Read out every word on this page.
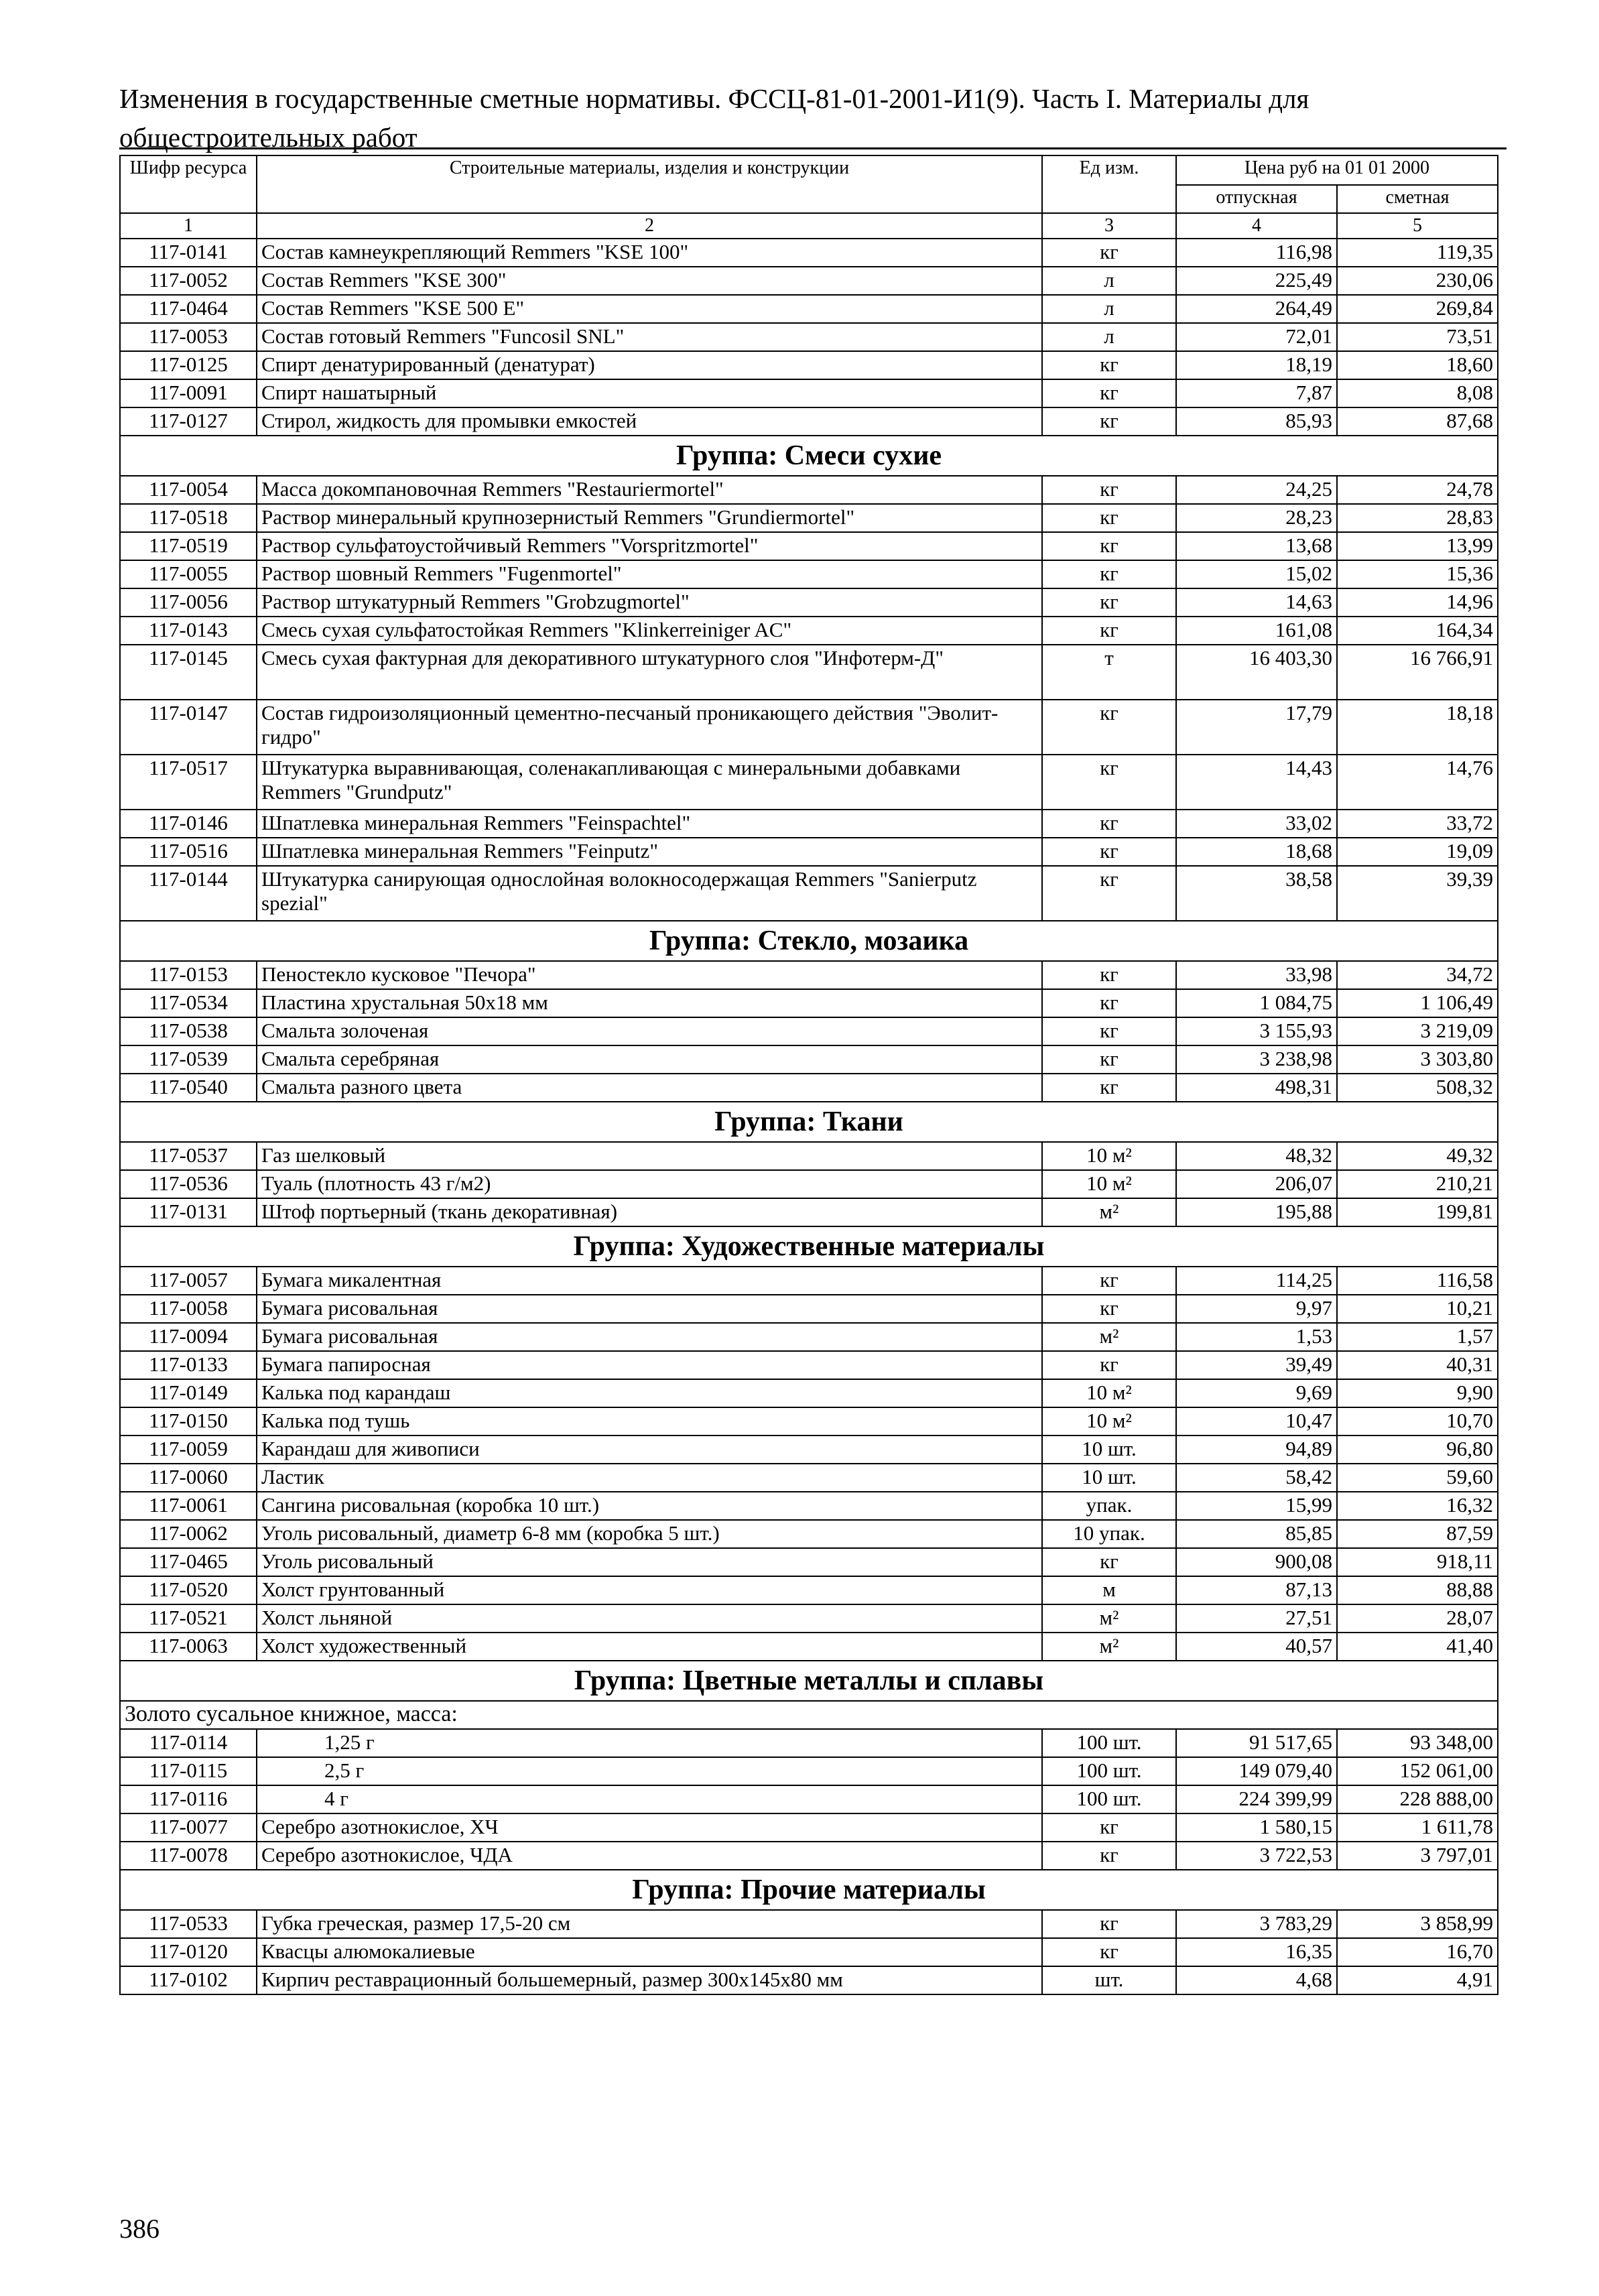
Изменения в государственные сметные нормативы. ФССЦ-81-01-2001-И1(9). Часть I. Материалы для общестроительных работ
Шифр ресурса	Строительные материалы, изделия и конструкции	Ед изм.	Цена руб на 01 01 2000	
			отпускная	сметная
1	2	3	4	5
117-0141	Состав камнеукрепляющий Remmers "KSE 100"	кг	116,98	119,35
117-0052	Состав Remmers "KSE 300"	л	225,49	230,06
117-0464	Состав Remmers "KSE 500 E"	л	264,49	269,84
117-0053	Состав готовый Remmers "Funcosil SNL"	л	72,01	73,51
117-0125	Спирт денатурированный (денатурат)	кг	18,19	18,60
117-0091	Спирт нашатырный	кг	7,87	8,08
117-0127	Стирол, жидкость для промывки емкостей	кг	85,93	87,68
Группа: Смеси сухие				
117-0054	Масса докомпановочная Remmers "Restauriermortel"	кг	24,25	24,78
117-0518	Раствор минеральный крупнозернистый Remmers "Grundiermortel"	кг	28,23	28,83
117-0519	Раствор сульфатоустойчивый Remmers "Vorspritzmortel"	кг	13,68	13,99
117-0055	Раствор шовный Remmers "Fugenmortel"	кг	15,02	15,36
117-0056	Раствор штукатурный Remmers "Grobzugmortel"	кг	14,63	14,96
117-0143	Смесь сухая сульфатостойкая Remmers "Klinkerreiniger AC"	кг	161,08	164,34
117-0145	Смесь сухая фактурная для декоративного штукатурного слоя "Инфотерм-Д"	т	16 403,30	16 766,91
117-0147	Состав гидроизоляционный цементно-песчаный проникающего действия "Эволит-гидро"	кг	17,79	18,18
117-0517	Штукатурка выравнивающая, соленакапливающая с минеральными добавками Remmers "Grundputz"	кг	14,43	14,76
117-0146	Шпатлевка минеральная Remmers "Feinspachtel"	кг	33,02	33,72
117-0516	Шпатлевка минеральная Remmers "Feinputz"	кг	18,68	19,09
117-0144	Штукатурка санирующая однослойная волокносодержащая Remmers "Sanierputz spezial"	кг	38,58	39,39
Группа: Стекло, мозаика				
117-0153	Пеностекло кусковое "Печора"	кг	33,98	34,72
117-0534	Пластина хрустальная 50х18 мм	кг	1 084,75	1 106,49
117-0538	Смальта золоченая	кг	3 155,93	3 219,09
117-0539	Смальта серебряная	кг	3 238,98	3 303,80
117-0540	Смальта разного цвета	кг	498,31	508,32
Группа: Ткани				
117-0537	Газ шелковый	10 м²	48,32	49,32
117-0536	Туаль (плотность 43 г/м2)	10 м²	206,07	210,21
117-0131	Штоф портьерный (ткань декоративная)	м²	195,88	199,81
Группа: Художественные материалы				
117-0057	Бумага микалентная	кг	114,25	116,58
117-0058	Бумага рисовальная	кг	9,97	10,21
117-0094	Бумага рисовальная	м²	1,53	1,57
117-0133	Бумага папиросная	кг	39,49	40,31
117-0149	Калька под карандаш	10 м²	9,69	9,90
117-0150	Калька под тушь	10 м²	10,47	10,70
117-0059	Карандаш для живописи	10 шт.	94,89	96,80
117-0060	Ластик	10 шт.	58,42	59,60
117-0061	Сангина рисовальная (коробка 10 шт.)	упак.	15,99	16,32
117-0062	Уголь рисовальный, диаметр 6-8 мм (коробка 5 шт.)	10 упак.	85,85	87,59
117-0465	Уголь рисовальный	кг	900,08	918,11
117-0520	Холст грунтованный	м	87,13	88,88
117-0521	Холст льняной	м²	27,51	28,07
117-0063	Холст художественный	м²	40,57	41,40
Группа: Цветные металлы и сплавы				
Золото сусальное книжное, масса:				
117-0114	1,25 г	100 шт.	91 517,65	93 348,00
117-0115	2,5 г	100 шт.	149 079,40	152 061,00
117-0116	4 г	100 шт.	224 399,99	228 888,00
117-0077	Серебро азотнокислое, ХЧ	кг	1 580,15	1 611,78
117-0078	Серебро азотнокислое, ЧДА	кг	3 722,53	3 797,01
Группа: Прочие материалы				
117-0533	Губка греческая, размер 17,5-20 см	кг	3 783,29	3 858,99
117-0120	Квасцы алюмокалиевые	кг	16,35	16,70
117-0102	Кирпич реставрационный большемерный, размер 300х145х80 мм	шт.	4,68	4,91
386
